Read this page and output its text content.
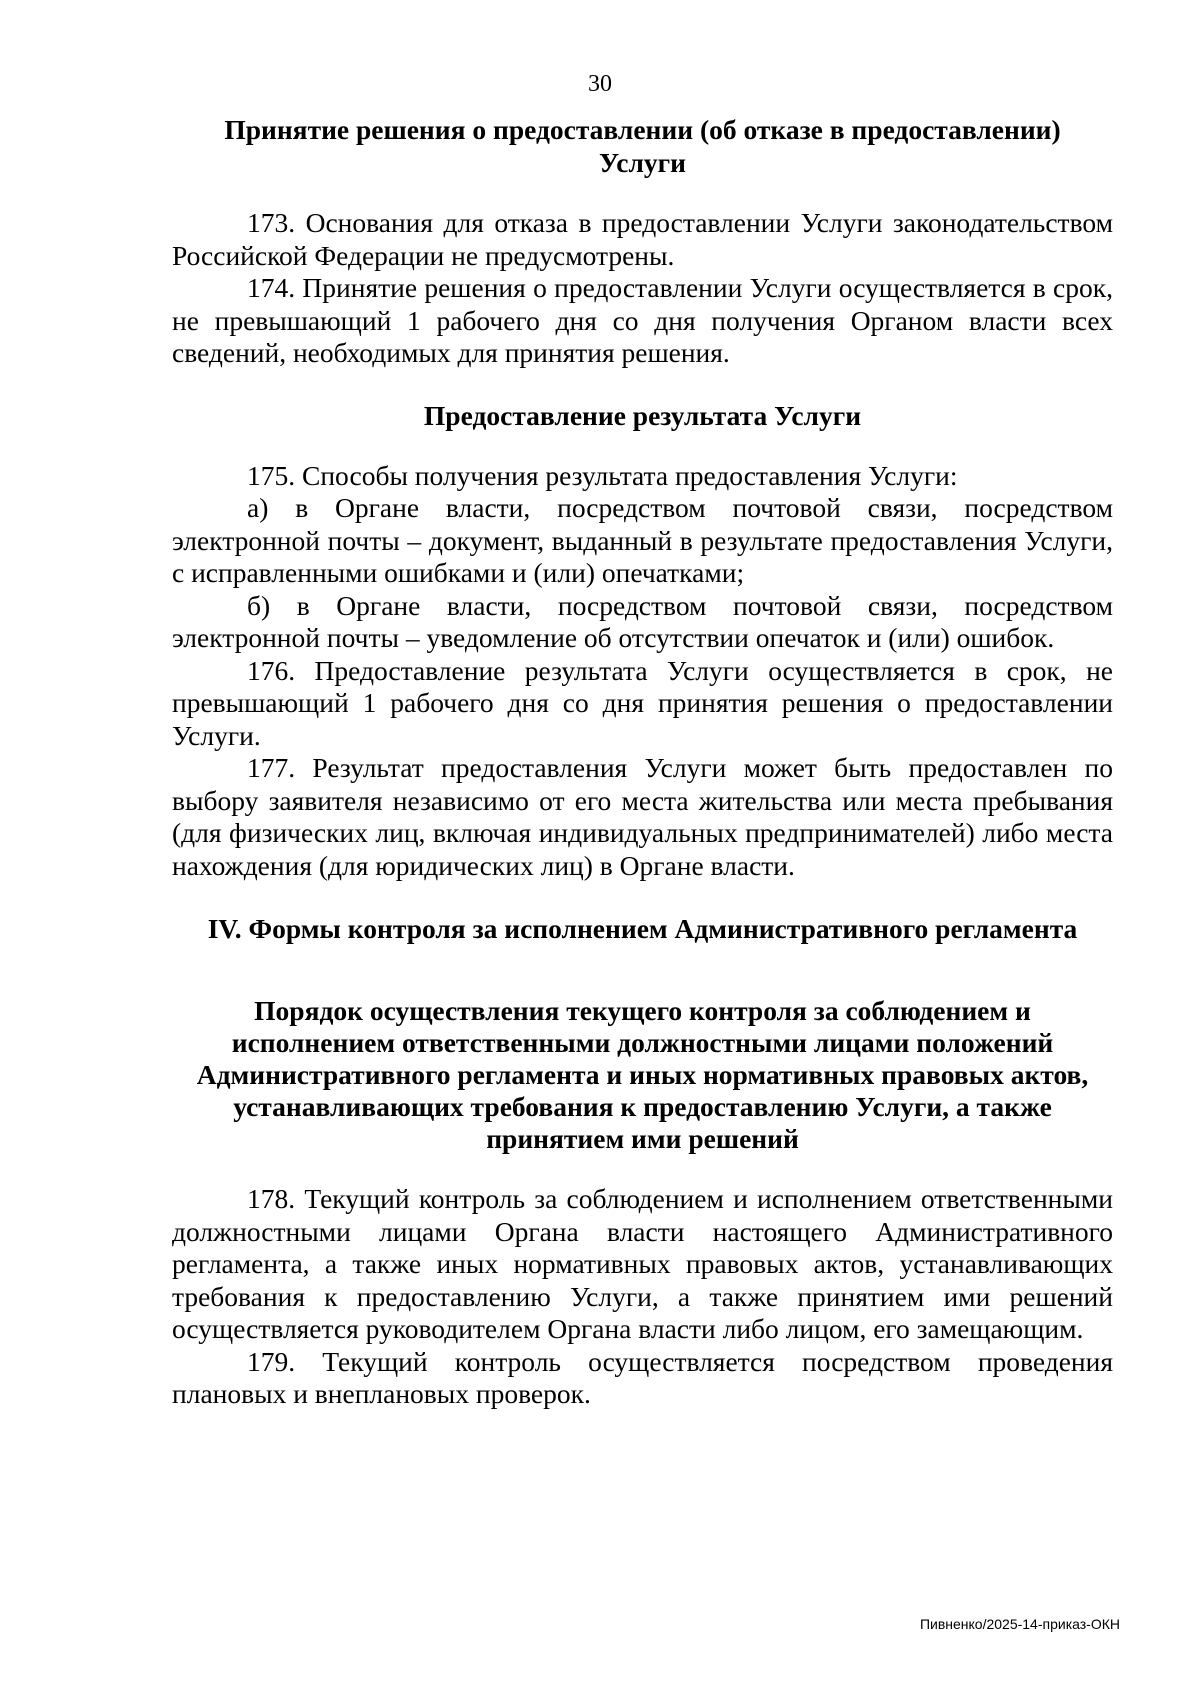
30
Принятие решения о предоставлении (об отказе в предоставлении)
Услуги

173. Основания для отказа в предоставлении Услуги законодательством Российской Федерации не предусмотрены.

174. Принятие решения о предоставлении Услуги осуществляется в срок, не превышающий 1 рабочего дня со дня получения Органом власти всех сведений, необходимых для принятия решения.

Предоставление результата Услуги

175. Способы получения результата предоставления Услуги:

а) в Органе власти, посредством почтовой связи, посредством электронной почты – документ, выданный в результате предоставления Услуги, с исправленными ошибками и (или) опечатками;

б) в Органе власти, посредством почтовой связи, посредством электронной почты – уведомление об отсутствии опечаток и (или) ошибок.

176. Предоставление результата Услуги осуществляется в срок, не превышающий 1 рабочего дня со дня принятия решения о предоставлении Услуги.

177. Результат предоставления Услуги может быть предоставлен по выбору заявителя независимо от его места жительства или места пребывания (для физических лиц, включая индивидуальных предпринимателей) либо места нахождения (для юридических лиц) в Органе власти.

IV. Формы контроля за исполнением Административного регламента
Порядок осуществления текущего контроля за соблюдением и
исполнением ответственными должностными лицами положений
Административного регламента и иных нормативных правовых актов,
устанавливающих требования к предоставлению Услуги, а также
принятием ими решений

178. Текущий контроль за соблюдением и исполнением ответственными должностными лицами Органа власти настоящего Административного регламента, а также иных нормативных правовых актов, устанавливающих требования к предоставлению Услуги, а также принятием ими решений осуществляется руководителем Органа власти либо лицом, его замещающим.

179. Текущий контроль осуществляется посредством проведения плановых и внеплановых проверок.

Пивненко/2025-14-приказ-ОКН
